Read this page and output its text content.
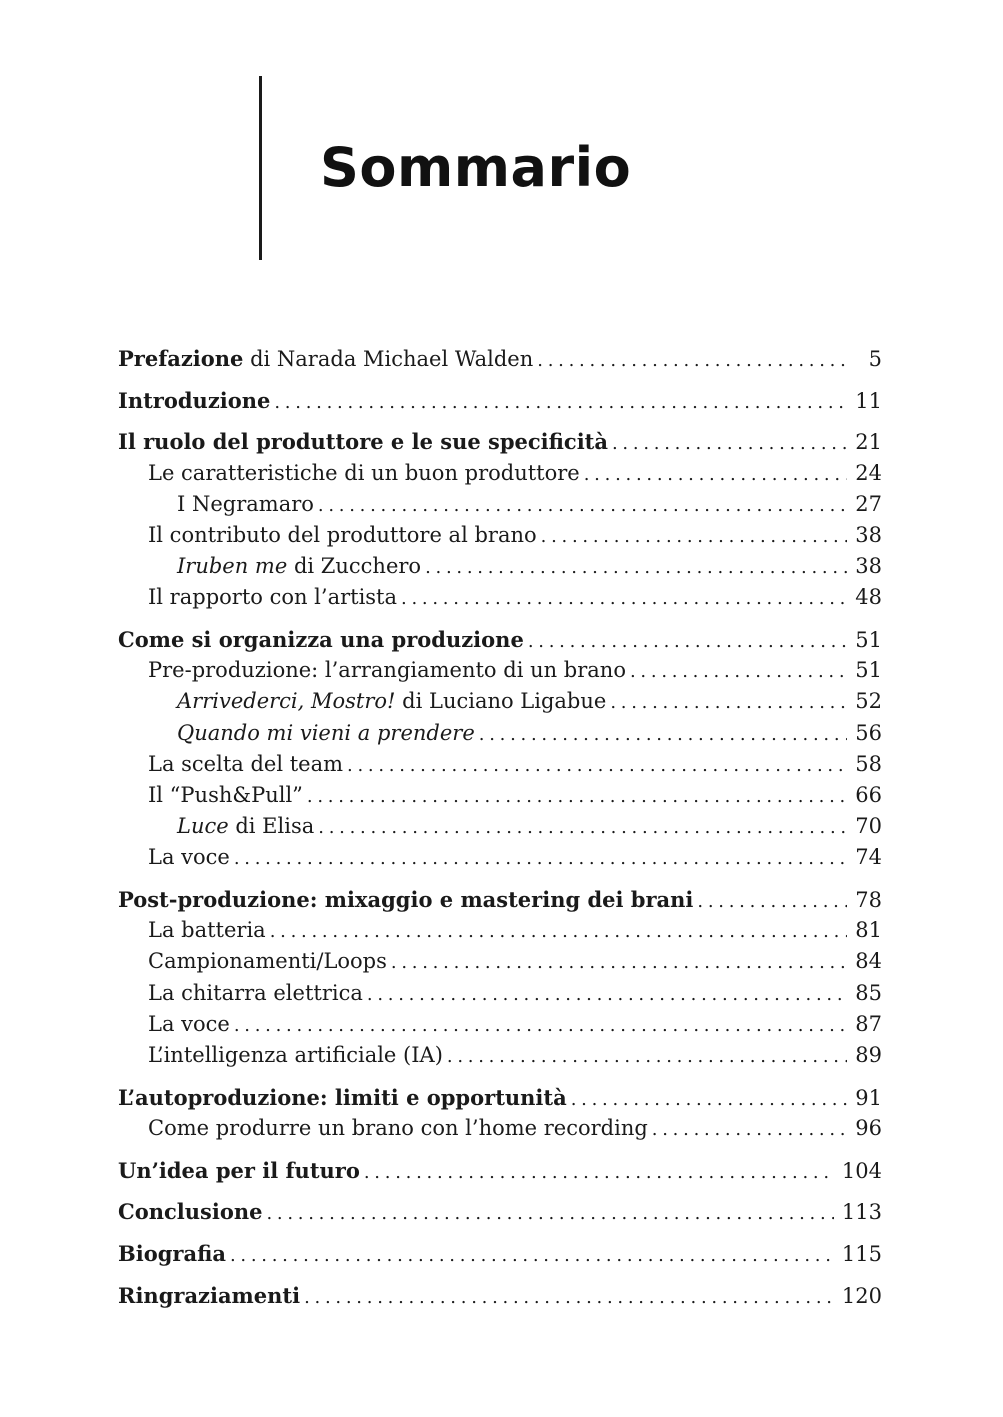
Sommario
Prefazione di Narada Michael Walden . . .	5
Introduzione . . .	11
Il ruolo del produttore e le sue specificità . . .	21
Le caratteristiche di un buon produttore . . .	24
I Negramaro . . .	27
Il contributo del produttore al brano . . .	38
Iruben me di Zucchero . . .	38
Il rapporto con l’artista . . .	48
Come si organizza una produzione . . .	51
Pre-produzione: l’arrangiamento di un brano . . .	51
Arrivederci, Mostro! di Luciano Ligabue . . .	52
Quando mi vieni a prendere . . .	56
La scelta del team . . .	58
Il “Push&Pull” . . .	66
Luce di Elisa . . .	70
La voce . . .	74
Post-produzione: mixaggio e mastering dei brani . . .	78
La batteria . . .	81
Campionamenti/Loops . . .	84
La chitarra elettrica . . .	85
La voce . . .	87
L’intelligenza artificiale (IA) . . .	89
L’autoproduzione: limiti e opportunità . . .	91
Come produrre un brano con l’home recording . . .	96
Un’idea per il futuro . . .	104
Conclusione . . .	113
Biografia . . .	115
Ringraziamenti . . .	120
